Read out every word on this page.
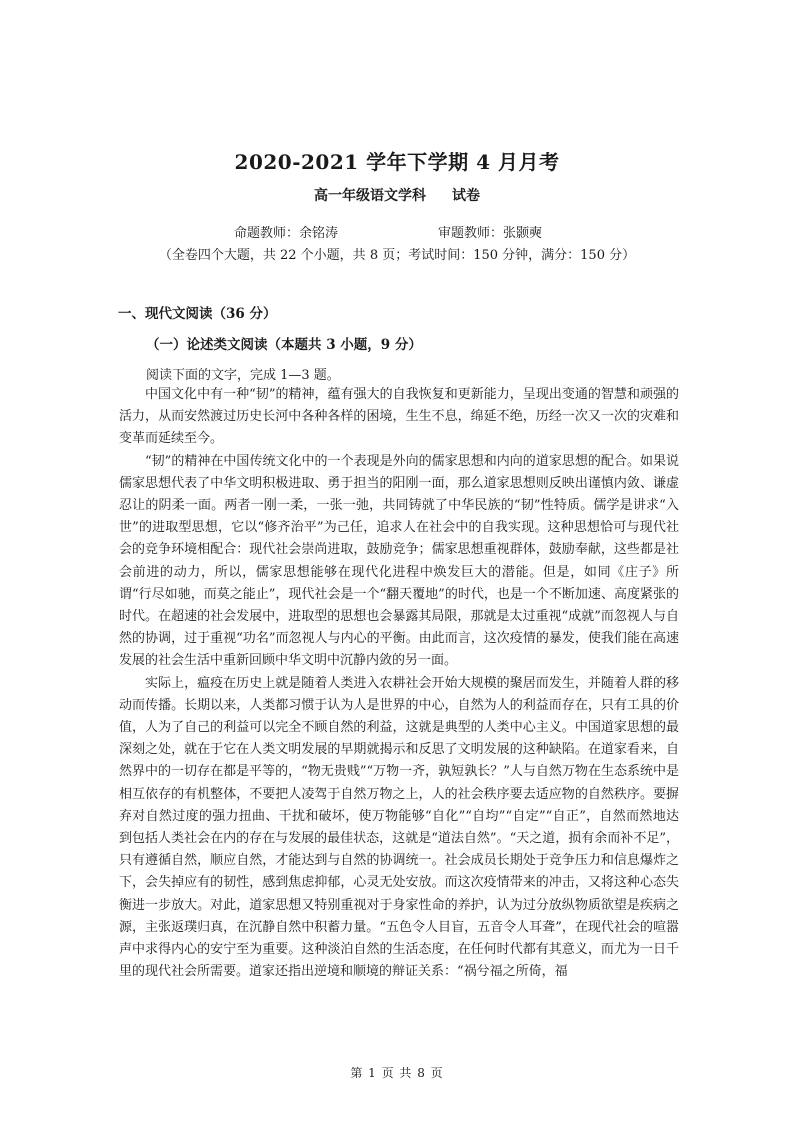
2020-2021 学年下学期 4 月月考
高一年级语文学科 试卷
命题教师：余铭涛	审题教师：张颢奭
（全卷四个大题，共 22 个小题，共 8 页；考试时间：150 分钟，满分：150 分）
一、现代文阅读（36 分）
（一）论述类文阅读（本题共 3 小题，9 分）
阅读下面的文字，完成 1—3 题。

中国文化中有一种“韧”的精神，蕴有强大的自我恢复和更新能力，呈现出变通的智慧和顽强的活力，从而安然渡过历史长河中各种各样的困境，生生不息，绵延不绝，历经一次又一次的灾难和变革而延续至今。

“韧”的精神在中国传统文化中的一个表现是外向的儒家思想和内向的道家思想的配合。如果说儒家思想代表了中华文明积极进取、勇于担当的阳刚一面，那么道家思想则反映出谨慎内敛、谦虚忍让的阴柔一面。两者一刚一柔，一张一弛，共同铸就了中华民族的“韧”性特质。儒学是讲求“入世”的进取型思想，它以“修齐治平”为己任，追求人在社会中的自我实现。这种思想恰可与现代社会的竞争环境相配合：现代社会崇尚进取，鼓励竞争；儒家思想重视群体，鼓励奉献，这些都是社会前进的动力，所以，儒家思想能够在现代化进程中焕发巨大的潜能。但是，如同《庄子》所谓“行尽如驰，而莫之能止”，现代社会是一个“翻天覆地”的时代，也是一个不断加速、高度紧张的时代。在超速的社会发展中，进取型的思想也会暴露其局限，那就是太过重视“成就”而忽视人与自然的协调，过于重视“功名”而忽视人与内心的平衡。由此而言，这次疫情的暴发，使我们能在高速发展的社会生活中重新回顾中华文明中沉静内敛的另一面。

实际上，瘟疫在历史上就是随着人类进入农耕社会开始大规模的聚居而发生，并随着人群的移动而传播。长期以来，人类都习惯于认为人是世界的中心，自然为人的利益而存在，只有工具的价值，人为了自己的利益可以完全不顾自然的利益，这就是典型的人类中心主义。中国道家思想的最深刻之处，就在于它在人类文明发展的早期就揭示和反思了文明发展的这种缺陷。在道家看来，自然界中的一切存在都是平等的，“物无贵贱”“万物一齐，孰短孰长？”人与自然万物在生态系统中是相互依存的有机整体，不要把人凌驾于自然万物之上，人的社会秩序要去适应物的自然秩序。要摒弃对自然过度的强力扭曲、干扰和破坏，使万物能够“自化”“自均”“自定”“自正”，自然而然地达到包括人类社会在内的存在与发展的最佳状态，这就是“道法自然”。“天之道，损有余而补不足”，只有遵循自然，顺应自然，才能达到与自然的协调统一。社会成员长期处于竞争压力和信息爆炸之下，会失掉应有的韧性，感到焦虑抑郁，心灵无处安放。而这次疫情带来的冲击，又将这种心态失衡进一步放大。对此，道家思想又特别重视对于身家性命的养护，认为过分放纵物质欲望是疾病之源，主张返璞归真，在沉静自然中积蓄力量。“五色令人目盲，五音令人耳聋”，在现代社会的喧嚣声中求得内心的安宁至为重要。这种淡泊自然的生活态度，在任何时代都有其意义，而尤为一日千里的现代社会所需要。道家还指出逆境和顺境的辩证关系：“祸兮福之所倚，福

第 1 页 共 8 页
